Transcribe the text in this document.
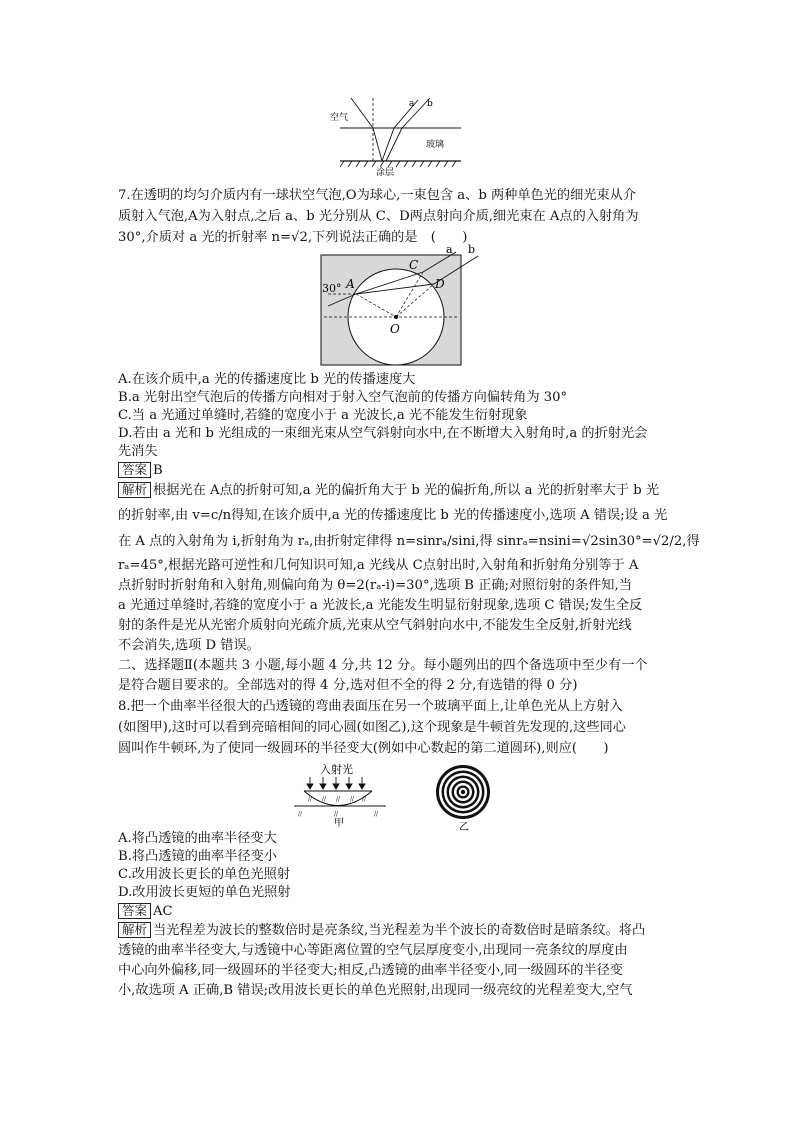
空气
玻璃
涂层
a b
7.在透明的均匀介质内有一球状空气泡,O为球心,一束包含 a、b 两种单色光的细光束从介
质射入气泡,A为入射点,之后 a、b 光分别从 C、D两点射向介质,细光束在 A点的入射角为
30°,介质对 a 光的折射率 n=√2,下列说法正确的是　(　　)
30° A
C
D
O
a b
A.在该介质中,a 光的传播速度比 b 光的传播速度大
B.a 光射出空气泡后的传播方向相对于射入空气泡前的传播方向偏转角为 30°
C.当 a 光通过单缝时,若缝的宽度小于 a 光波长,a 光不能发生衍射现象
D.若由 a 光和 b 光组成的一束细光束从空气斜射向水中,在不断增大入射角时,a 的折射光会
先消失
答案 B
解析 根据光在 A点的折射可知,a 光的偏折角大于 b 光的偏折角,所以 a 光的折射率大于 b 光
的折射率,由 v=c/n得知,在该介质中,a 光的传播速度比 b 光的传播速度小,选项 A 错误;设 a 光
在 A 点的入射角为 i,折射角为 rₐ,由折射定律得 n=sinrₐ/sini,得 sinrₐ=nsini=√2sin30°=√2/2,得
rₐ=45°,根据光路可逆性和几何知识可知,a 光线从 C点射出时,入射角和折射角分别等于 A
点折射时折射角和入射角,则偏向角为 θ=2(rₐ-i)=30°,选项 B 正确;对照衍射的条件知,当
a 光通过单缝时,若缝的宽度小于 a 光波长,a 光能发生明显衍射现象,选项 C 错误;发生全反
射的条件是光从光密介质射向光疏介质,光束从空气斜射向水中,不能发生全反射,折射光线
不会消失,选项 D 错误。
二、选择题Ⅱ(本题共 3 小题,每小题 4 分,共 12 分。每小题列出的四个备选项中至少有一个
是符合题目要求的。全部选对的得 4 分,选对但不全的得 2 分,有选错的得 0 分)
8.把一个曲率半径很大的凸透镜的弯曲表面压在另一个玻璃平面上,让单色光从上方射入
(如图甲),这时可以看到亮暗相间的同心圆(如图乙),这个现象是牛顿首先发现的,这些同心
圆叫作牛顿环,为了使同一级圆环的半径变大(例如中心数起的第二道圆环),则应(　　)
入射光
// // // // //
//	//	//
甲	乙
A.将凸透镜的曲率半径变大
B.将凸透镜的曲率半径变小
C.改用波长更长的单色光照射
D.改用波长更短的单色光照射
答案 AC
解析 当光程差为波长的整数倍时是亮条纹,当光程差为半个波长的奇数倍时是暗条纹。将凸
透镜的曲率半径变大,与透镜中心等距离位置的空气层厚度变小,出现同一亮条纹的厚度由
中心向外偏移,同一级圆环的半径变大;相反,凸透镜的曲率半径变小,同一级圆环的半径变
小,故选项 A 正确,B 错误;改用波长更长的单色光照射,出现同一级亮纹的光程差变大,空气
